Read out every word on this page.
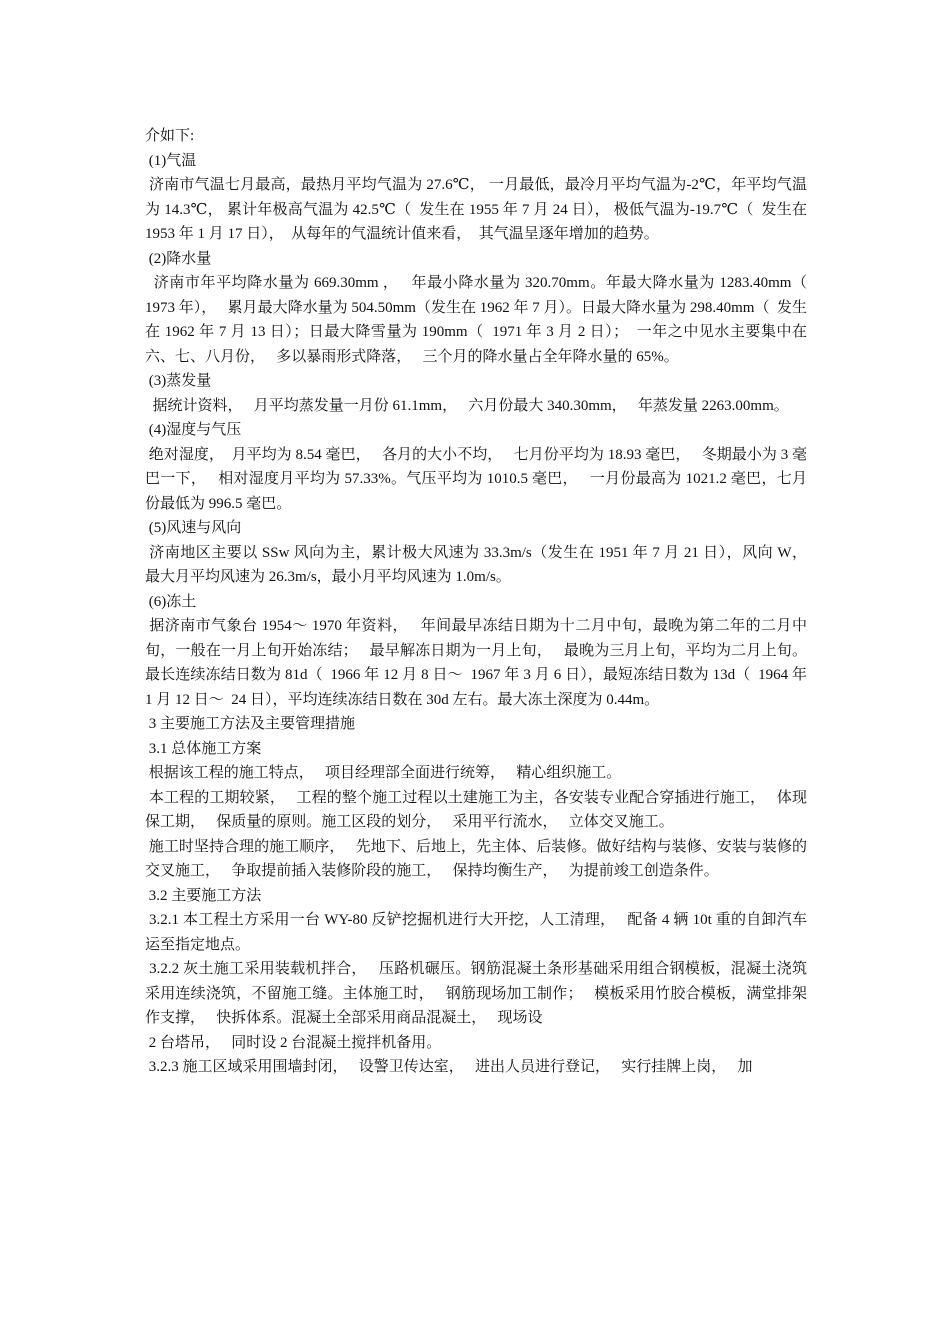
介如下:

(1)气温

济南市气温七月最高，最热月平均气温为 27.6℃， 一月最低，最冷月平均气温为-2℃，年平均气温为 14.3℃， 累计年极高气温为 42.5℃（  发生在 1955 年 7 月 24 日）， 极低气温为-19.7℃（  发生在 1953 年 1 月 17 日），  从每年的气温统计值来看，  其气温呈逐年增加的趋势。

(2)降水量

济南市年平均降水量为 669.30mm ，   年最小降水量为 320.70mm。年最大降水量为 1283.40mm（  1973 年），   累月最大降水量为 504.50mm（发生在 1962 年 7 月）。日最大降水量为 298.40mm（  发生在 1962 年 7 月 13 日）；日最大降雪量为 190mm（  1971 年 3 月 2 日）；  一年之中见水主要集中在六、七、八月份，   多以暴雨形式降落，   三个月的降水量占全年降水量的 65%。

(3)蒸发量

据统计资料，   月平均蒸发量一月份 61.1mm，   六月份最大 340.30mm，   年蒸发量 2263.00mm。

(4)湿度与气压

绝对湿度，  月平均为 8.54 毫巴，   各月的大小不均，   七月份平均为 18.93 毫巴，   冬期最小为 3 毫巴一下，   相对湿度月平均为 57.33%。气压平均为 1010.5 毫巴，   一月份最高为 1021.2 毫巴，七月份最低为 996.5 毫巴。

(5)风速与风向

济南地区主要以 SSw 风向为主，累计极大风速为 33.3m/s（发生在 1951 年 7 月 21 日），风向 W，   最大月平均风速为 26.3m/s，最小月平均风速为 1.0m/s。

(6)冻土

据济南市气象台 1954～ 1970 年资料，   年间最早冻结日期为十二月中旬，最晚为第二年的二月中旬，一般在一月上旬开始冻结；   最早解冻日期为一月上旬，   最晚为三月上旬，平均为二月上旬。最长连续冻结日数为 81d（  1966 年 12 月 8 日～  1967 年 3 月 6 日），最短冻结日数为 13d（  1964 年 1 月 12 日～  24 日），平均连续冻结日数在 30d 左右。最大冻土深度为 0.44m。

3 主要施工方法及主要管理措施

3.1 总体施工方案

根据该工程的施工特点，   项目经理部全面进行统筹，   精心组织施工。

本工程的工期较紧，   工程的整个施工过程以土建施工为主，各安装专业配合穿插进行施工，   体现保工期，   保质量的原则。施工区段的划分，   采用平行流水，   立体交叉施工。

施工时坚持合理的施工顺序，   先地下、后地上，先主体、后装修。做好结构与装修、安装与装修的交叉施工，   争取提前插入装修阶段的施工，   保持均衡生产，   为提前竣工创造条件。

3.2 主要施工方法

3.2.1 本工程土方采用一台 WY-80 反铲挖掘机进行大开挖，人工清理，   配备 4 辆 10t 重的自卸汽车运至指定地点。

3.2.2 灰土施工采用装载机拌合，   压路机碾压。钢筋混凝土条形基础采用组合钢模板，混凝土浇筑采用连续浇筑，不留施工缝。主体施工时，   钢筋现场加工制作；   模板采用竹胶合模板，满堂排架作支撑，   快拆体系。混凝土全部采用商品混凝土，   现场设

2 台塔吊，   同时设 2 台混凝土搅拌机备用。

3.2.3 施工区域采用围墙封闭，   设警卫传达室，   进出人员进行登记，   实行挂牌上岗，   加
